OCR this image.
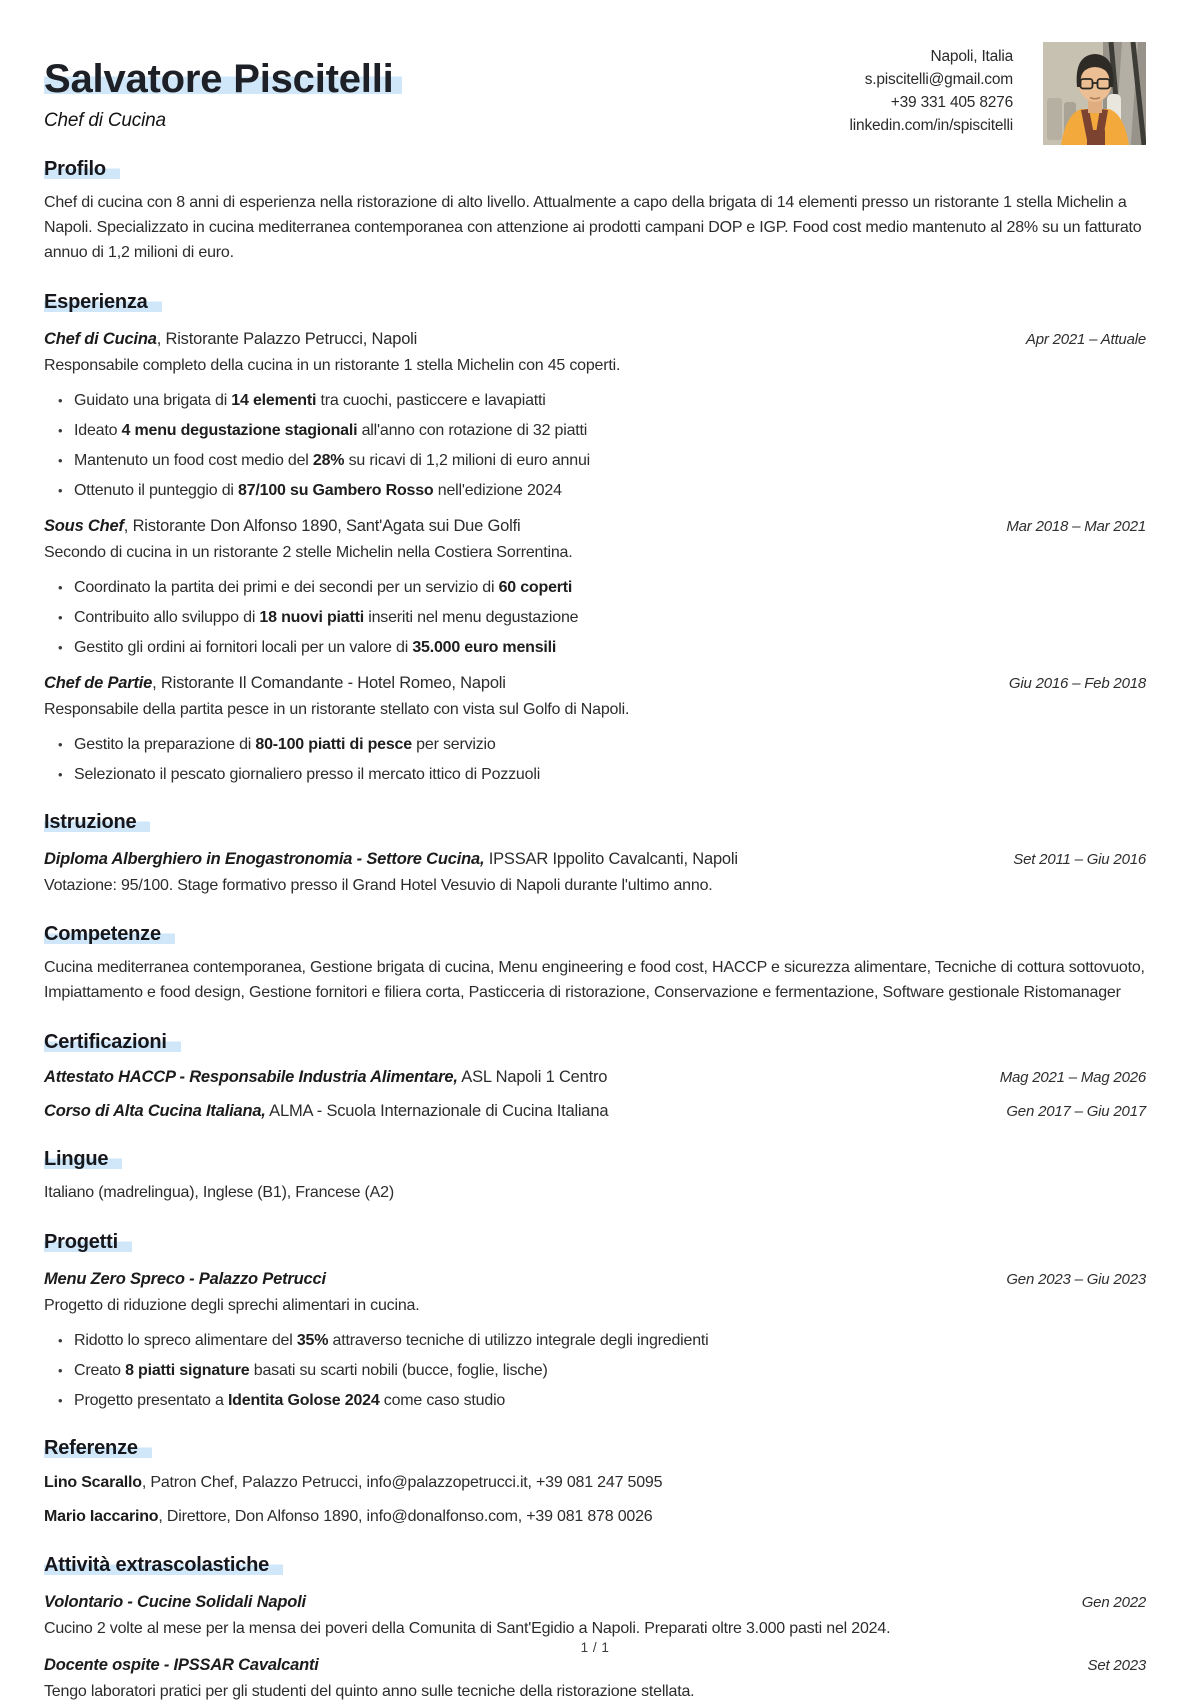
Salvatore Piscitelli

Chef di Cucina

Napoli, Italia
s.piscitelli@gmail.com
+39 331 405 8276
linkedin.com/in/spiscitelli
Profilo

Chef di cucina con 8 anni di esperienza nella ristorazione di alto livello. Attualmente a capo della brigata di 14 elementi presso un ristorante 1 stella Michelin a Napoli. Specializzato in cucina mediterranea contemporanea con attenzione ai prodotti campani DOP e IGP. Food cost medio mantenuto al 28% su un fatturato annuo di 1,2 milioni di euro.

Esperienza

Chef di Cucina, Ristorante Palazzo Petrucci, Napoli	Apr 2021 – Attuale

Responsabile completo della cucina in un ristorante 1 stella Michelin con 45 coperti.

• Guidato una brigata di 14 elementi tra cuochi, pasticcere e lavapiatti
• Ideato 4 menu degustazione stagionali all'anno con rotazione di 32 piatti
• Mantenuto un food cost medio del 28% su ricavi di 1,2 milioni di euro annui
• Ottenuto il punteggio di 87/100 su Gambero Rosso nell'edizione 2024

Sous Chef, Ristorante Don Alfonso 1890, Sant'Agata sui Due Golfi	Mar 2018 – Mar 2021

Secondo di cucina in un ristorante 2 stelle Michelin nella Costiera Sorrentina.

• Coordinato la partita dei primi e dei secondi per un servizio di 60 coperti
• Contribuito allo sviluppo di 18 nuovi piatti inseriti nel menu degustazione
• Gestito gli ordini ai fornitori locali per un valore di 35.000 euro mensili

Chef de Partie, Ristorante Il Comandante - Hotel Romeo, Napoli	Giu 2016 – Feb 2018

Responsabile della partita pesce in un ristorante stellato con vista sul Golfo di Napoli.

• Gestito la preparazione di 80-100 piatti di pesce per servizio
• Selezionato il pescato giornaliero presso il mercato ittico di Pozzuoli
Istruzione

Diploma Alberghiero in Enogastronomia - Settore Cucina, IPSSAR Ippolito Cavalcanti, Napoli	Set 2011 – Giu 2016

Votazione: 95/100. Stage formativo presso il Grand Hotel Vesuvio di Napoli durante l'ultimo anno.

Competenze

Cucina mediterranea contemporanea, Gestione brigata di cucina, Menu engineering e food cost, HACCP e sicurezza alimentare, Tecniche di cottura sottovuoto, Impiattamento e food design, Gestione fornitori e filiera corta, Pasticceria di ristorazione, Conservazione e fermentazione, Software gestionale Ristomanager

Certificazioni

Attestato HACCP - Responsabile Industria Alimentare, ASL Napoli 1 Centro	Mag 2021 – Mag 2026

Corso di Alta Cucina Italiana, ALMA - Scuola Internazionale di Cucina Italiana	Gen 2017 – Giu 2017
Lingue

Italiano (madrelingua), Inglese (B1), Francese (A2)

Progetti

Menu Zero Spreco - Palazzo Petrucci	Gen 2023 – Giu 2023

Progetto di riduzione degli sprechi alimentari in cucina.

• Ridotto lo spreco alimentare del 35% attraverso tecniche di utilizzo integrale degli ingredienti
• Creato 8 piatti signature basati su scarti nobili (bucce, foglie, lische)
• Progetto presentato a Identita Golose 2024 come caso studio
Referenze

Lino Scarallo, Patron Chef, Palazzo Petrucci, info@palazzopetrucci.it, +39 081 247 5095

Mario Iaccarino, Direttore, Don Alfonso 1890, info@donalfonso.com, +39 081 878 0026

Attività extrascolastiche

Volontario - Cucine Solidali Napoli	Gen 2022

Cucino 2 volte al mese per la mensa dei poveri della Comunita di Sant'Egidio a Napoli. Preparati oltre 3.000 pasti nel 2024.

Docente ospite - IPSSAR Cavalcanti	Set 2023

Tengo laboratori pratici per gli studenti del quinto anno sulle tecniche della ristorazione stellata.

1 / 1
